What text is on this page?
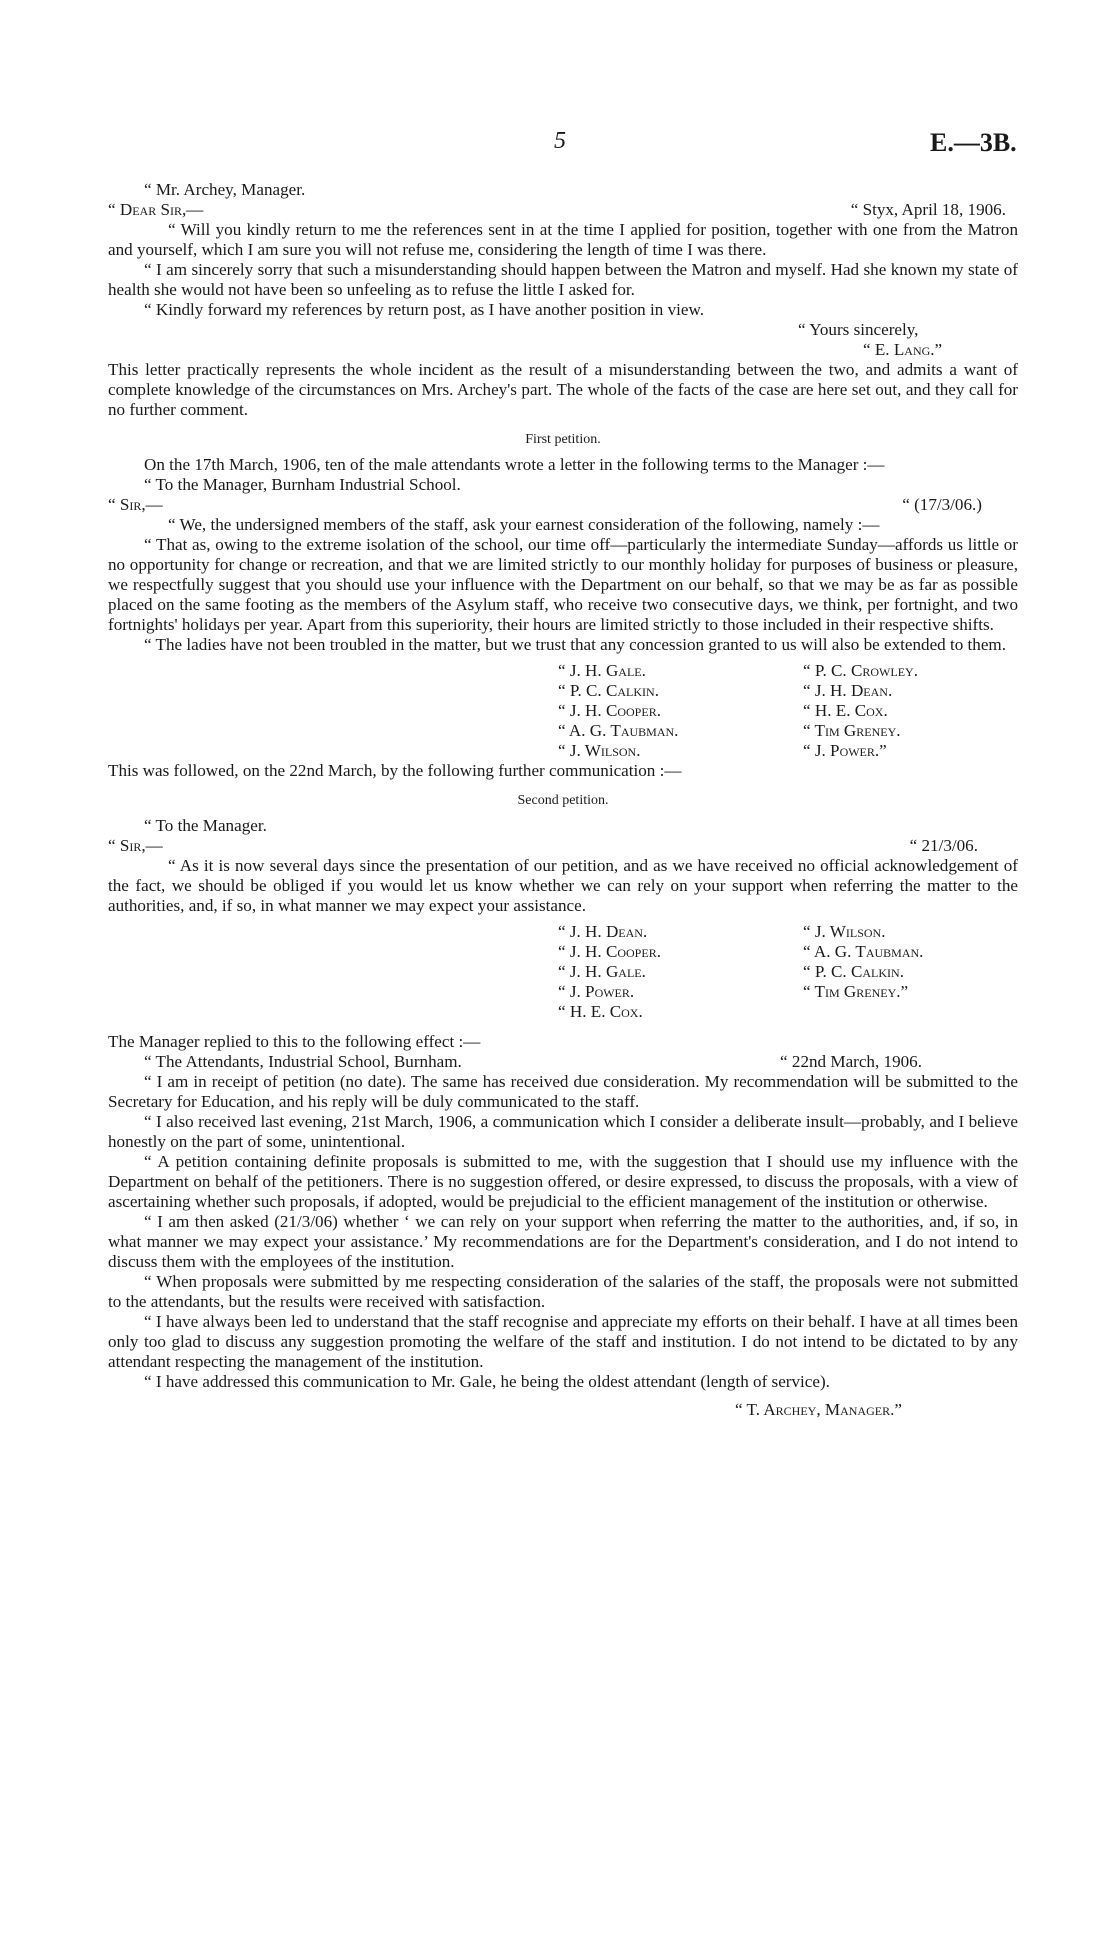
5	E.—3B.

“ Mr. Archey, Manager.

“ Dear Sir,—	“ Styx, April 18, 1906.

“ Will you kindly return to me the references sent in at the time I applied for position, together with one from the Matron and yourself, which I am sure you will not refuse me, considering the length of time I was there.

“ I am sincerely sorry that such a misunderstanding should happen between the Matron and myself. Had she known my state of health she would not have been so unfeeling as to refuse the little I asked for.

“ Kindly forward my references by return post, as I have another position in view.

“ Yours sincerely,

“ E. Lang.”

This letter practically represents the whole incident as the result of a misunderstanding between the two, and admits a want of complete knowledge of the circumstances on Mrs. Archey's part. The whole of the facts of the case are here set out, and they call for no further comment.

First petition.

On the 17th March, 1906, ten of the male attendants wrote a letter in the following terms to the Manager :—

“ To the Manager, Burnham Industrial School.

“ Sir,—	“ (17/3/06.)

“ We, the undersigned members of the staff, ask your earnest consideration of the following, namely :—

“ That as, owing to the extreme isolation of the school, our time off—particularly the intermediate Sunday—affords us little or no opportunity for change or recreation, and that we are limited strictly to our monthly holiday for purposes of business or pleasure, we respectfully suggest that you should use your influence with the Department on our behalf, so that we may be as far as possible placed on the same footing as the members of the Asylum staff, who receive two consecutive days, we think, per fortnight, and two fortnights' holidays per year. Apart from this superiority, their hours are limited strictly to those included in their respective shifts.

“ The ladies have not been troubled in the matter, but we trust that any concession granted to us will also be extended to them.

“ J. H. Gale.	“ P. C. Crowley.
“ P. C. Calkin.	“ J. H. Dean.
“ J. H. Cooper.	“ H. E. Cox.
“ A. G. Taubman.	“ Tim Greney.
“ J. Wilson.	“ J. Power.”

This was followed, on the 22nd March, by the following further communication :—

Second petition.

“ To the Manager.

“ Sir,—	“ 21/3/06.

“ As it is now several days since the presentation of our petition, and as we have received no official acknowledgement of the fact, we should be obliged if you would let us know whether we can rely on your support when referring the matter to the authorities, and, if so, in what manner we may expect your assistance.

“ J. H. Dean.	“ J. Wilson.
“ J. H. Cooper.	“ A. G. Taubman.
“ J. H. Gale.	“ P. C. Calkin.
“ J. Power.	“ Tim Greney.”
“ H. E. Cox.

The Manager replied to this to the following effect :—

“ The Attendants, Industrial School, Burnham.	“ 22nd March, 1906.

“ I am in receipt of petition (no date). The same has received due consideration. My recommendation will be submitted to the Secretary for Education, and his reply will be duly communicated to the staff.

“ I also received last evening, 21st March, 1906, a communication which I consider a deliberate insult—probably, and I believe honestly on the part of some, unintentional.

“ A petition containing definite proposals is submitted to me, with the suggestion that I should use my influence with the Department on behalf of the petitioners. There is no suggestion offered, or desire expressed, to discuss the proposals, with a view of ascertaining whether such proposals, if adopted, would be prejudicial to the efficient management of the institution or otherwise.

“ I am then asked (21/3/06) whether ‘ we can rely on your support when referring the matter to the authorities, and, if so, in what manner we may expect your assistance.’ My recommendations are for the Department's consideration, and I do not intend to discuss them with the employees of the institution.

“ When proposals were submitted by me respecting consideration of the salaries of the staff, the proposals were not submitted to the attendants, but the results were received with satisfaction.

“ I have always been led to understand that the staff recognise and appreciate my efforts on their behalf. I have at all times been only too glad to discuss any suggestion promoting the welfare of the staff and institution. I do not intend to be dictated to by any attendant respecting the management of the institution.

“ I have addressed this communication to Mr. Gale, he being the oldest attendant (length of service).

“ T. Archey, Manager.”
